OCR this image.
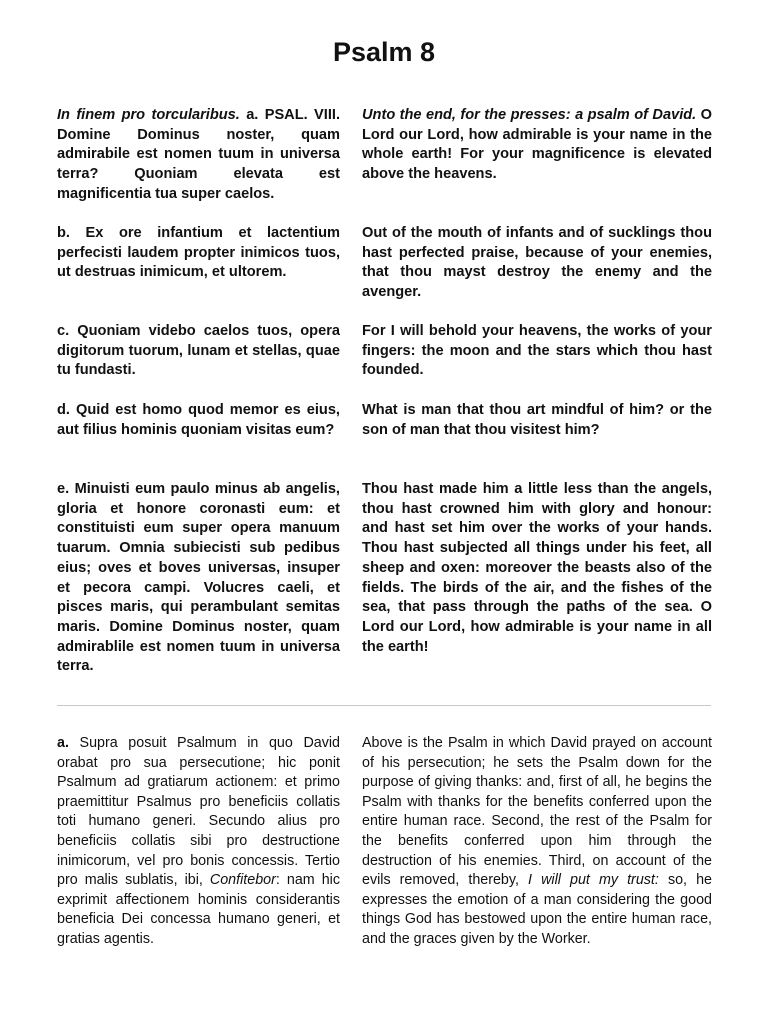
Psalm 8

In finem pro torcularibus. a. PSAL. VIII. Domine Dominus noster, quam admirabile est nomen tuum in universa terra? Quoniam elevata est magnificentia tua super caelos.

Unto the end, for the presses: a psalm of David. O Lord our Lord, how admirable is your name in the whole earth! For your magnificence is elevated above the heavens.

b. Ex ore infantium et lactentium perfecisti laudem propter inimicos tuos, ut destruas inimicum, et ultorem.

Out of the mouth of infants and of sucklings thou hast perfected praise, because of your enemies, that thou mayst destroy the enemy and the avenger.

c. Quoniam videbo caelos tuos, opera digitorum tuorum, lunam et stellas, quae tu fundasti.

For I will behold your heavens, the works of your fingers: the moon and the stars which thou hast founded.

d. Quid est homo quod memor es eius, aut filius hominis quoniam visitas eum?

What is man that thou art mindful of him? or the son of man that thou visitest him?

e. Minuisti eum paulo minus ab angelis, gloria et honore coronasti eum: et constituisti eum super opera manuum tuarum. Omnia subiecisti sub pedibus eius; oves et boves universas, insuper et pecora campi. Volucres caeli, et pisces maris, qui perambulant semitas maris. Domine Dominus noster, quam admirablile est nomen tuum in universa terra.

Thou hast made him a little less than the angels, thou hast crowned him with glory and honour: and hast set him over the works of your hands. Thou hast subjected all things under his feet, all sheep and oxen: moreover the beasts also of the fields. The birds of the air, and the fishes of the sea, that pass through the paths of the sea. O Lord our Lord, how admirable is your name in all the earth!

a. Supra posuit Psalmum in quo David orabat pro sua persecutione; hic ponit Psalmum ad gratiarum actionem: et primo praemittitur Psalmus pro beneficiis collatis toti humano generi. Secundo alius pro beneficiis collatis sibi pro destructione inimicorum, vel pro bonis concessis. Tertio pro malis sublatis, ibi, Confitebor: nam hic exprimit affectionem hominis considerantis beneficia Dei concessa humano generi, et gratias agentis.

Above is the Psalm in which David prayed on account of his persecution; he sets the Psalm down for the purpose of giving thanks: and, first of all, he begins the Psalm with thanks for the benefits conferred upon the entire human race. Second, the rest of the Psalm for the benefits conferred upon him through the destruction of his enemies. Third, on account of the evils removed, thereby, I will put my trust: so, he expresses the emotion of a man considering the good things God has bestowed upon the entire human race, and the graces given by the Worker.
